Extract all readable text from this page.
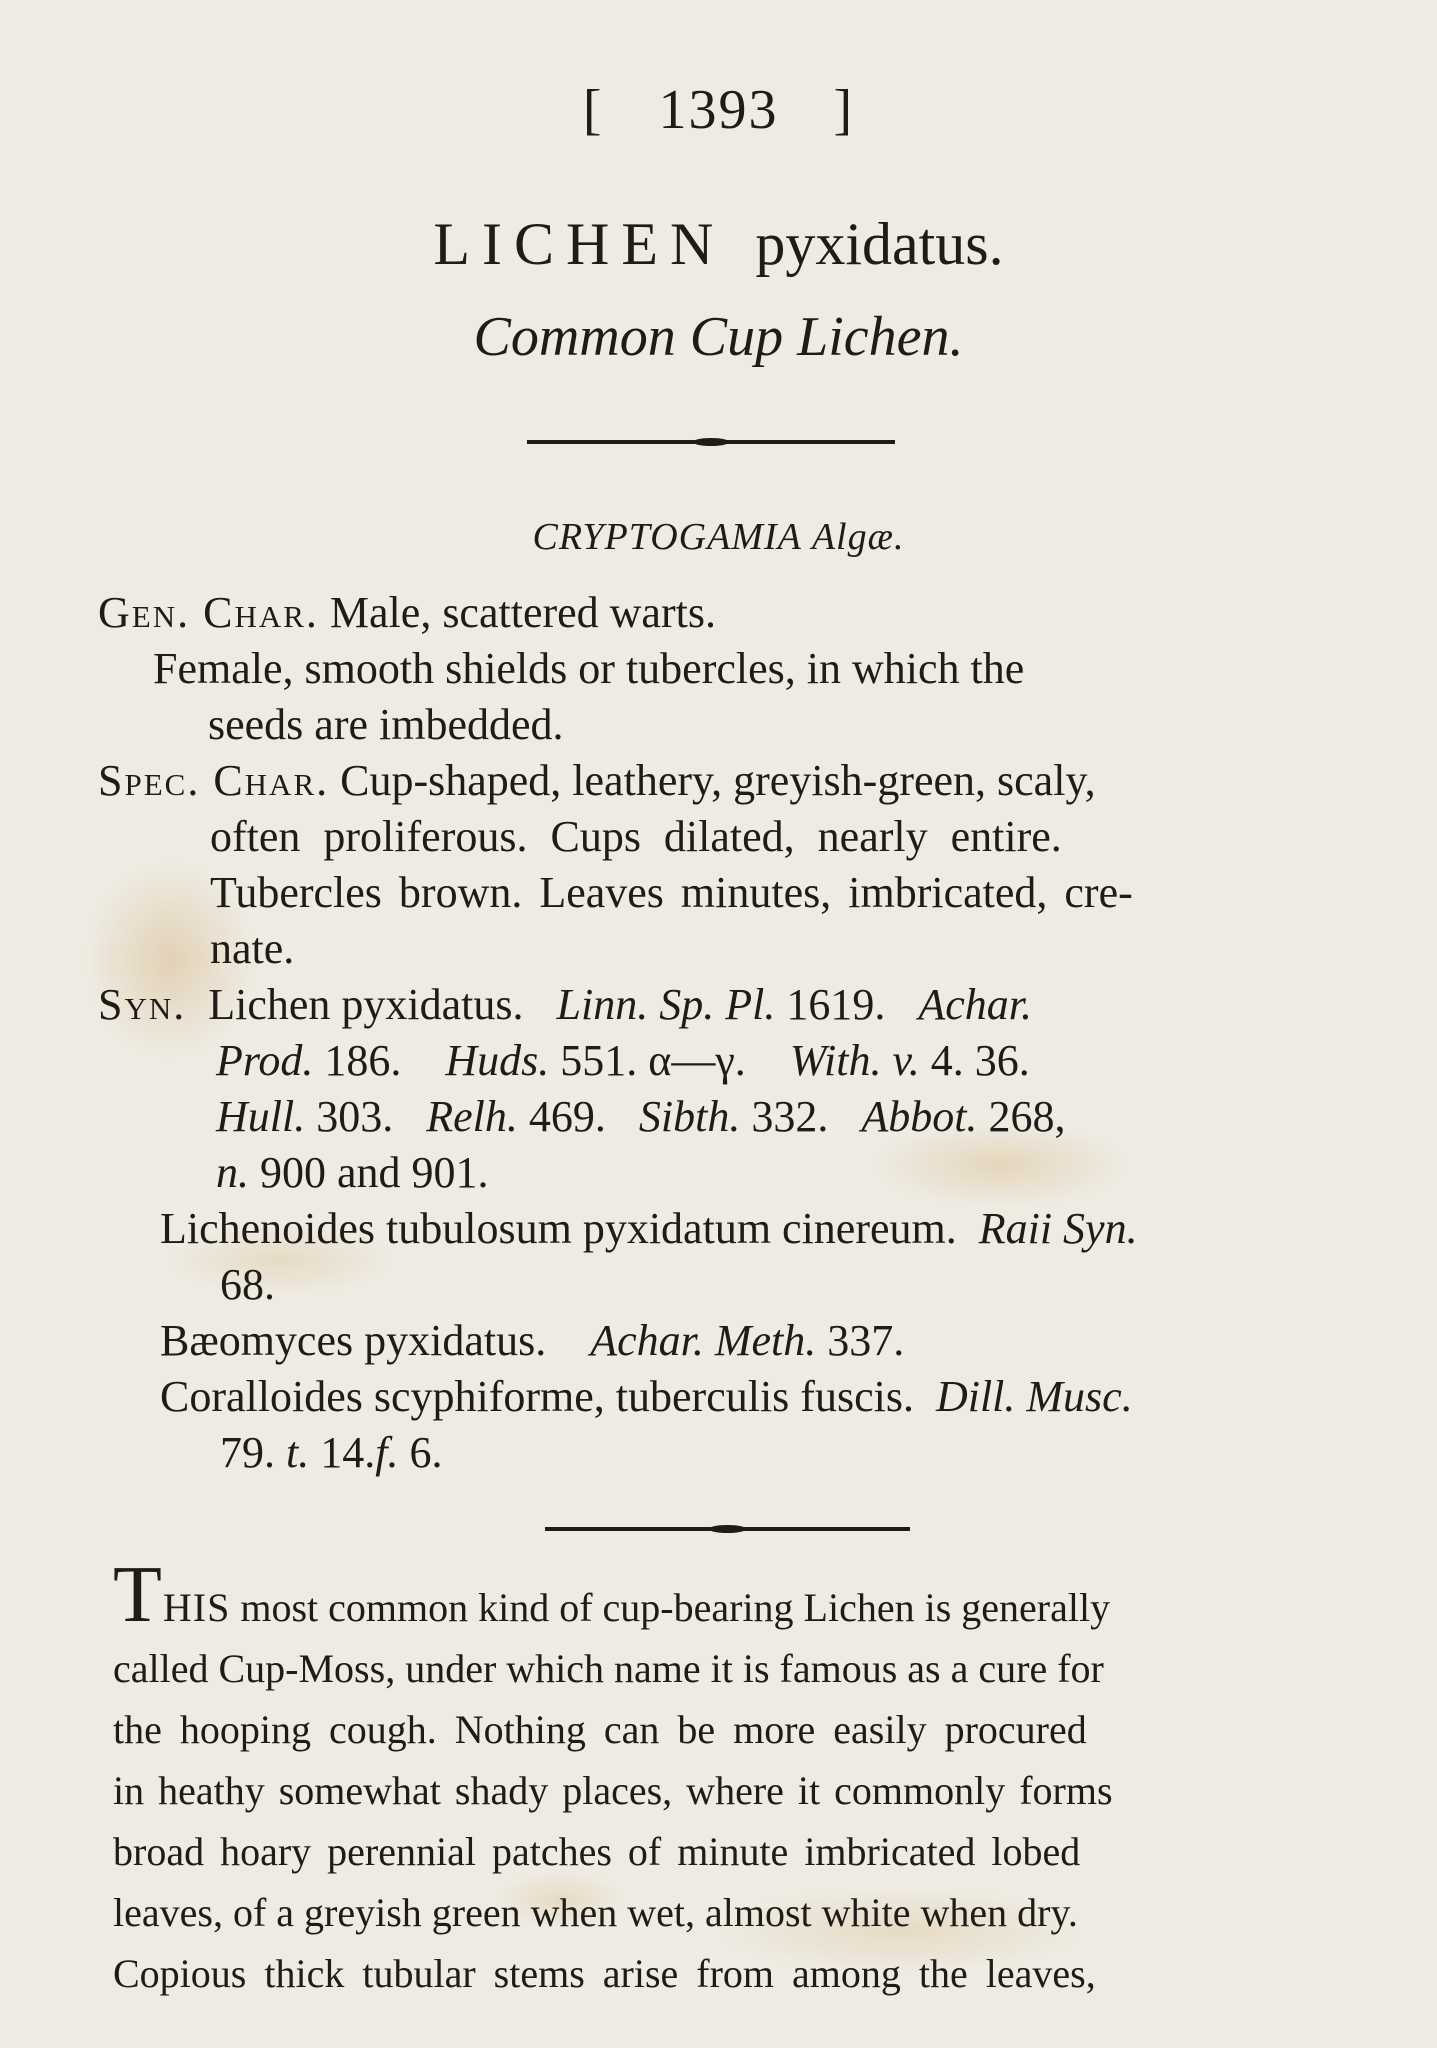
[ 1393 ]
LICHEN pyxidatus.
Common Cup Lichen.
CRYPTOGAMIA Algæ.
Gen. Char. Male, scattered warts.
Female, smooth shields or tubercles, in which the
seeds are imbedded.
Spec. Char. Cup-shaped, leathery, greyish-green, scaly,
often proliferous. Cups dilated, nearly entire.
Tubercles brown. Leaves minutes, imbricated, cre-
nate.
Syn. Lichen pyxidatus. Linn. Sp. Pl. 1619. Achar.
Prod. 186. Huds. 551. α—γ. With. v. 4. 36.
Hull. 303. Relh. 469. Sibth. 332. Abbot. 268,
n. 900 and 901.
Lichenoides tubulosum pyxidatum cinereum. Raii Syn.
68.
Bæomyces pyxidatus. Achar. Meth. 337.
Coralloides scyphiforme, tuberculis fuscis. Dill. Musc.
79. t. 14.f. 6.
THIS most common kind of cup-bearing Lichen is generally
called Cup-Moss, under which name it is famous as a cure for
the hooping cough. Nothing can be more easily procured
in heathy somewhat shady places, where it commonly forms
broad hoary perennial patches of minute imbricated lobed
leaves, of a greyish green when wet, almost white when dry.
Copious thick tubular stems arise from among the leaves,
